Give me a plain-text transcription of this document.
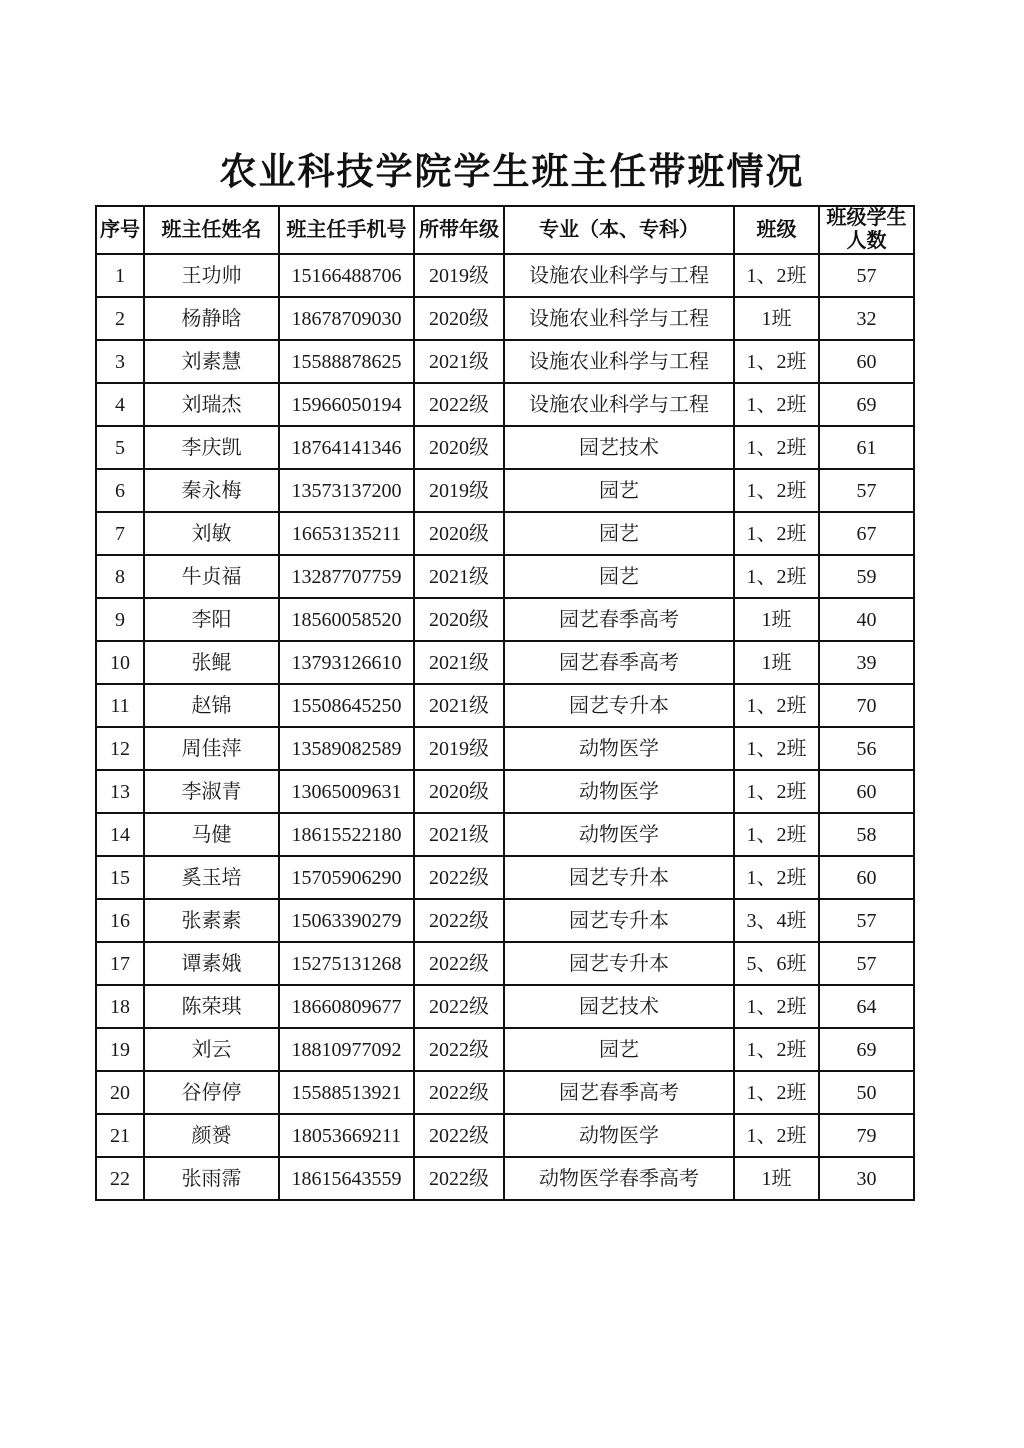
农业科技学院学生班主任带班情况
序号	班主任姓名	班主任手机号	所带年级	专业（本、专科）	班级	班级学生人数
1	王功帅	15166488706	2019级	设施农业科学与工程	1、2班	57
2	杨静晗	18678709030	2020级	设施农业科学与工程	1班	32
3	刘素慧	15588878625	2021级	设施农业科学与工程	1、2班	60
4	刘瑞杰	15966050194	2022级	设施农业科学与工程	1、2班	69
5	李庆凯	18764141346	2020级	园艺技术	1、2班	61
6	秦永梅	13573137200	2019级	园艺	1、2班	57
7	刘敏	16653135211	2020级	园艺	1、2班	67
8	牛贞福	13287707759	2021级	园艺	1、2班	59
9	李阳	18560058520	2020级	园艺春季高考	1班	40
10	张鲲	13793126610	2021级	园艺春季高考	1班	39
11	赵锦	15508645250	2021级	园艺专升本	1、2班	70
12	周佳萍	13589082589	2019级	动物医学	1、2班	56
13	李淑青	13065009631	2020级	动物医学	1、2班	60
14	马健	18615522180	2021级	动物医学	1、2班	58
15	奚玉培	15705906290	2022级	园艺专升本	1、2班	60
16	张素素	15063390279	2022级	园艺专升本	3、4班	57
17	谭素娥	15275131268	2022级	园艺专升本	5、6班	57
18	陈荣琪	18660809677	2022级	园艺技术	1、2班	64
19	刘云	18810977092	2022级	园艺	1、2班	69
20	谷停停	15588513921	2022级	园艺春季高考	1、2班	50
21	颜赟	18053669211	2022级	动物医学	1、2班	79
22	张雨霈	18615643559	2022级	动物医学春季高考	1班	30
